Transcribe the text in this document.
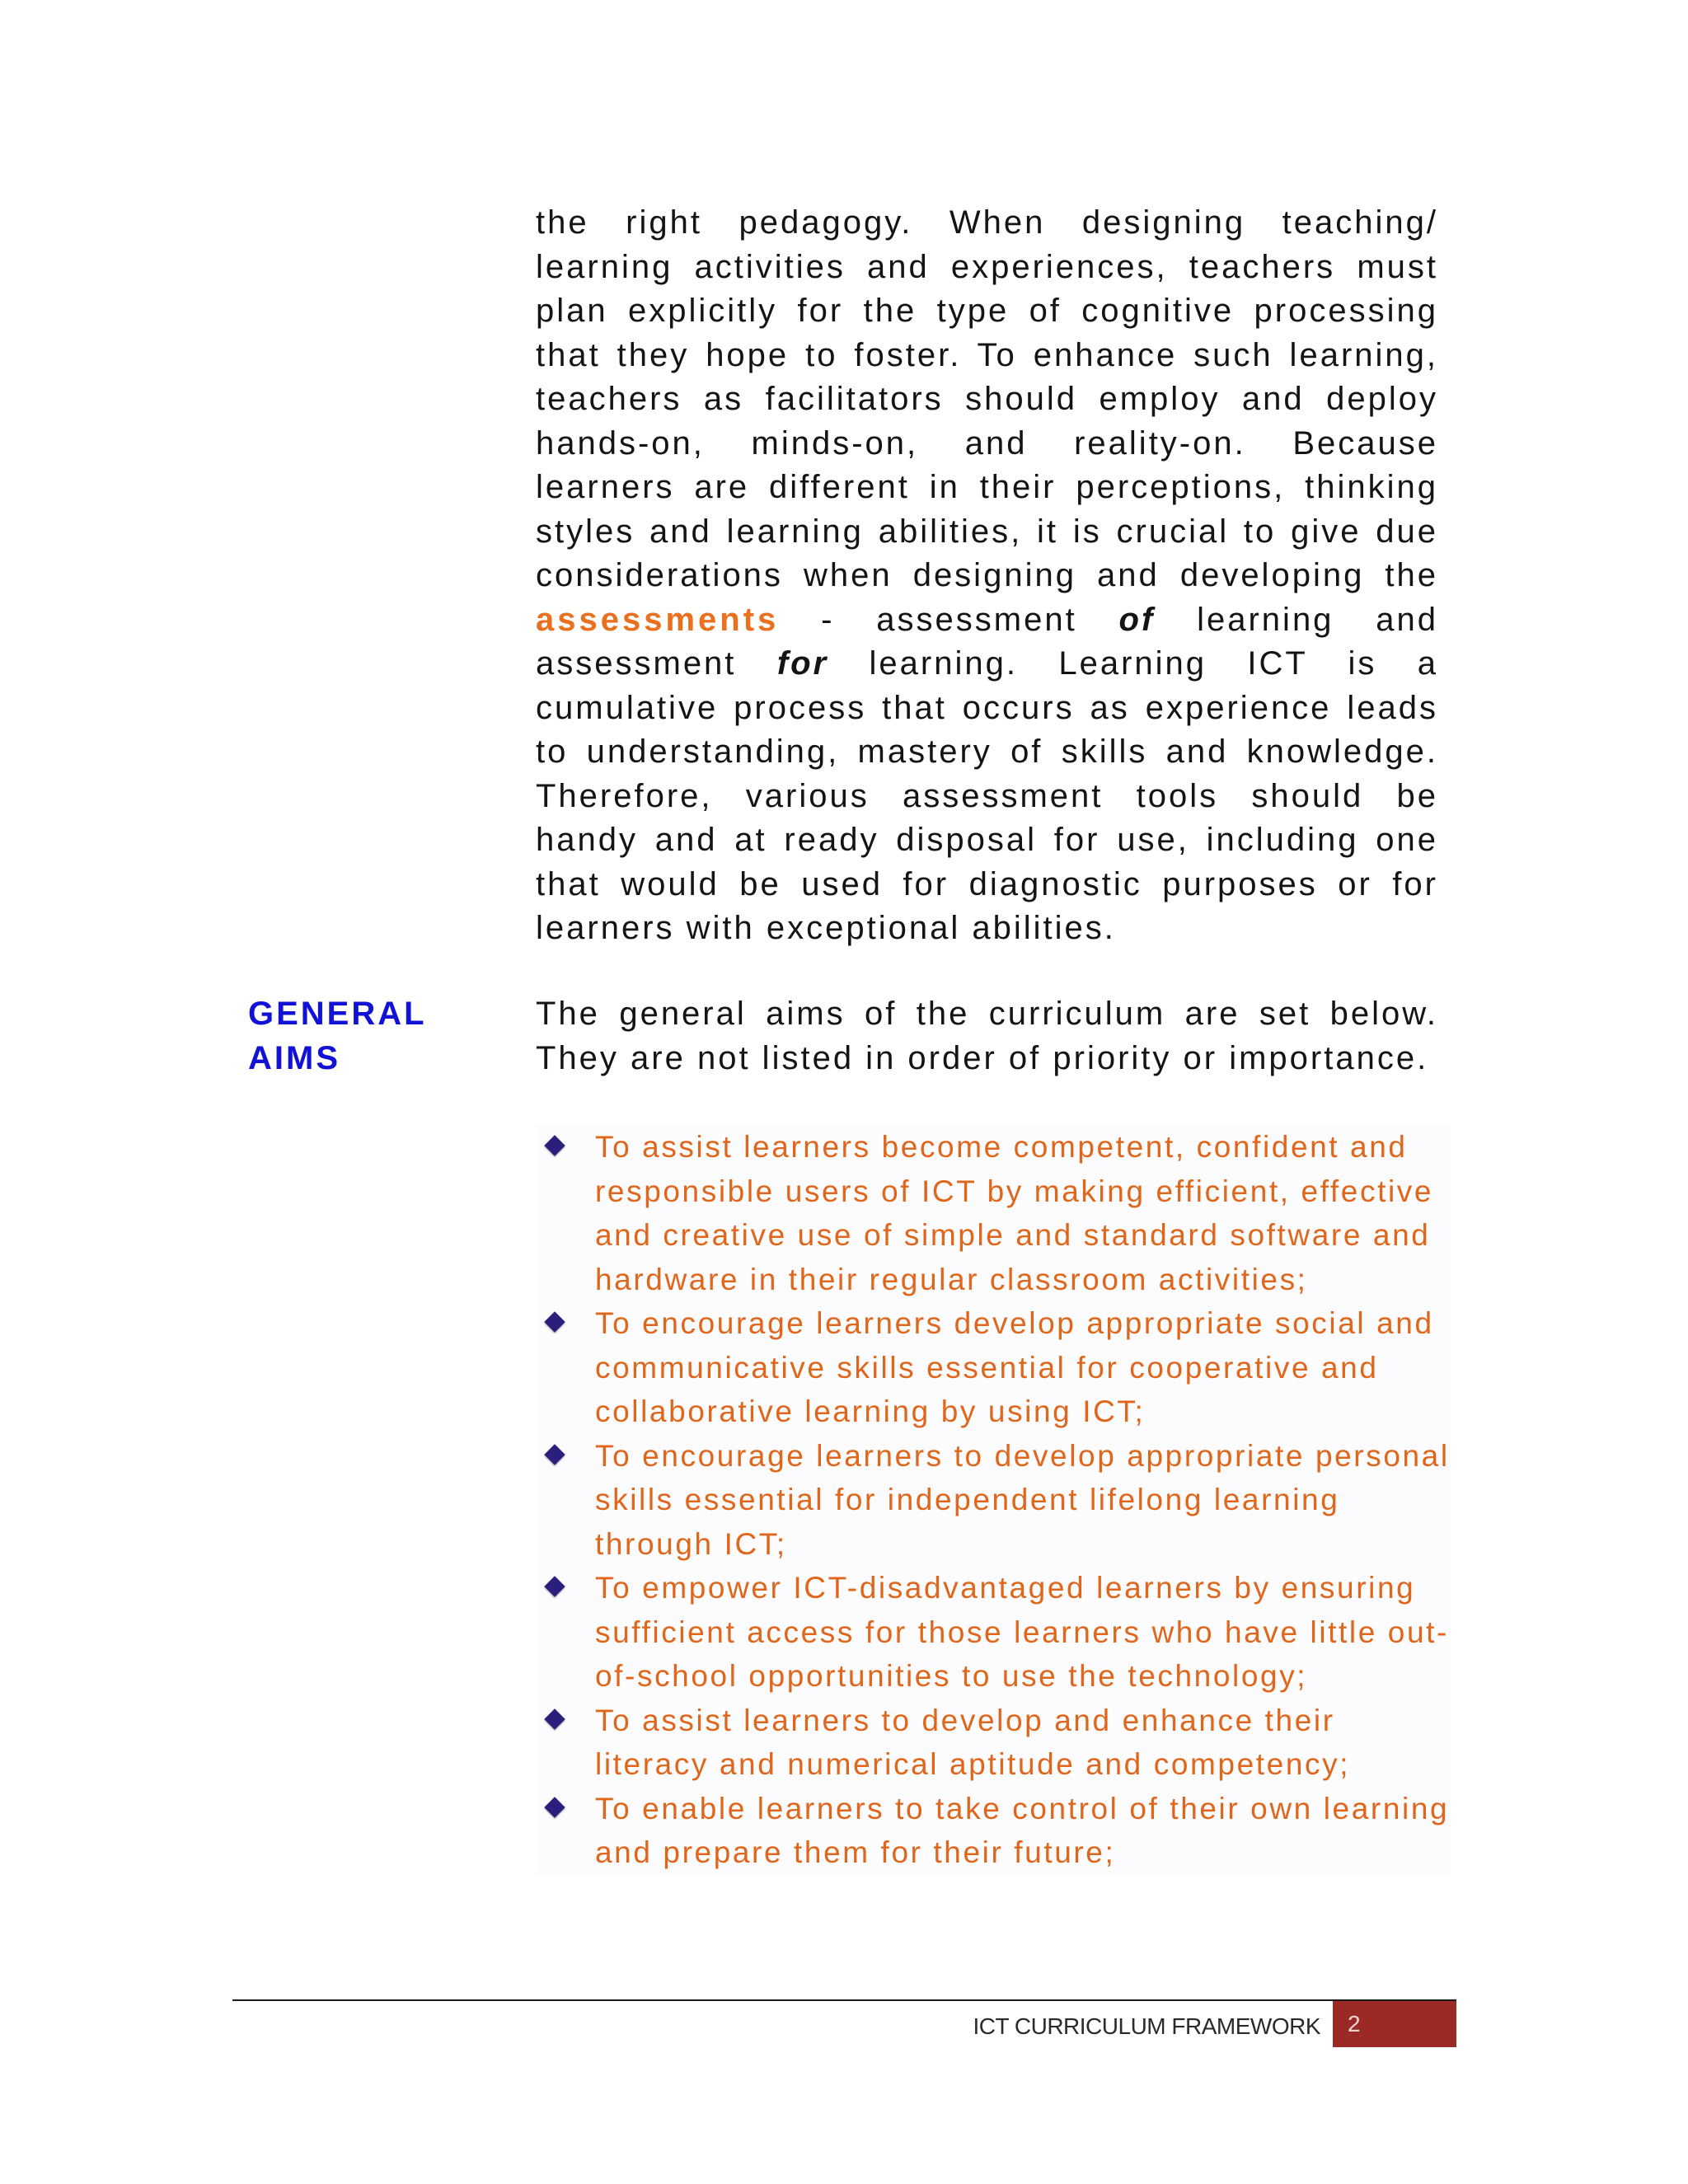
the right pedagogy. When designing teaching/ learning activities and experiences, teachers must plan explicitly for the type of cognitive processing that they hope to foster. To enhance such learning, teachers as facilitators should employ and deploy hands-on, minds-on, and reality-on. Because learners are different in their perceptions, thinking styles and learning abilities, it is crucial to give due considerations when designing and developing the assessments - assessment of learning and assessment for learning. Learning ICT is a cumulative process that occurs as experience leads to understanding, mastery of skills and knowledge. Therefore, various assessment tools should be handy and at ready disposal for use, including one that would be used for diagnostic purposes or for learners with exceptional abilities.

GENERAL
AIMS

The general aims of the curriculum are set below. They are not listed in order of priority or importance.

To assist learners become competent, confident and responsible users of ICT by making efficient, effective and creative use of simple and standard software and hardware in their regular classroom activities;
To encourage learners develop appropriate social and communicative skills essential for cooperative and collaborative learning by using ICT;
To encourage learners to develop appropriate personal skills essential for independent lifelong learning through ICT;
To empower ICT-disadvantaged learners by ensuring sufficient access for those learners who have little out-of-school opportunities to use the technology;
To assist learners to develop and enhance their literacy and numerical aptitude and competency;
To enable learners to take control of their own learning and prepare them for their future;
ICT CURRICULUM FRAMEWORK	2
